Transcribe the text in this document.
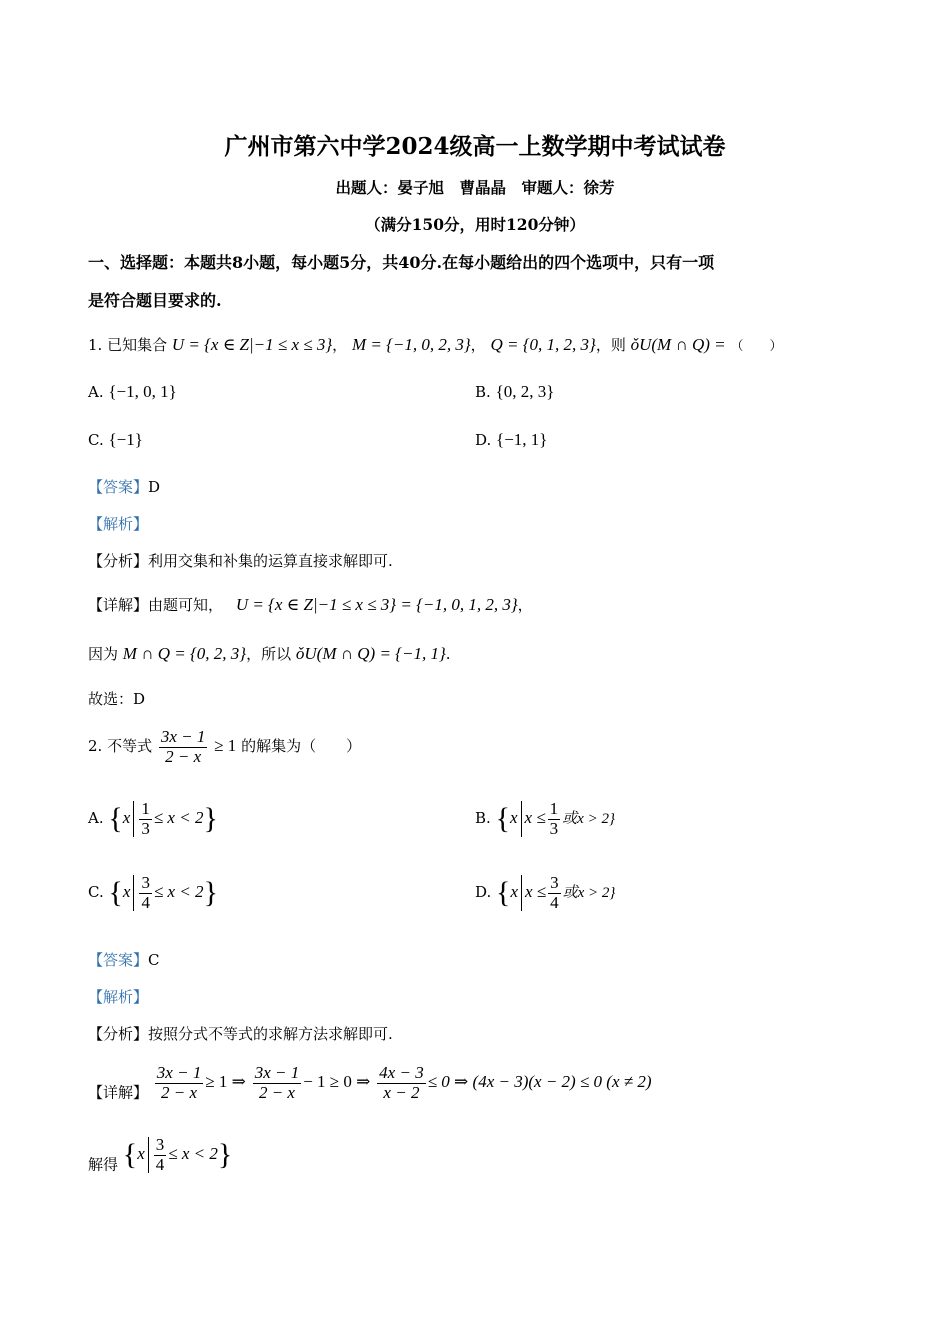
广州市第六中学2024级高一上数学期中考试试卷
出题人：晏子旭　曹晶晶　审题人：徐芳
（满分150分，用时120分钟）
一、选择题：本题共8小题，每小题5分，共40分.在每小题给出的四个选项中，只有一项
是符合题目要求的.
1. 已知集合 U = {x ∈ Z|−1 ≤ x ≤ 3}， M = {−1, 0, 2, 3}， Q = {0, 1, 2, 3}，则 ǒU(M ∩ Q) = （　　）
A. {−1, 0, 1}	B. {0, 2, 3}
C. {−1}	D. {−1, 1}
【答案】D
【解析】
【分析】利用交集和补集的运算直接求解即可.
【详解】由题可知， U = {x ∈ Z|−1 ≤ x ≤ 3} = {−1, 0, 1, 2, 3}，
因为 M ∩ Q = {0, 2, 3}，所以 ǒU(M ∩ Q) = {−1, 1}.
故选：D
2. 不等式 $\frac{3x - 1}{2 - x} \ge 1$ 的解集为（　　）
A. $\{x \frac{1}{3} \le x < 2\}$	B. {x $x \le \frac{1}{3}$ 或x > 2}
C. $\{x \frac{3}{4} \le x < 2\}$	D. {x $x \le \frac{3}{4}$ 或x > 2}
【答案】C
【解析】
【分析】按照分式不等式的求解方法求解即可.
【详解】 $\frac{3x - 1}{2 - x} \ge 1$ ⇒ $\frac{3x - 1}{2 - x} - 1 \ge 0$ ⇒ $\frac{4x - 3}{x - 2} \le 0$ ⇒ (4x − 3)(x − 2) ≤ 0 (x ≠ 2)
解得 $\{x \frac{3}{4} \le x < 2\}$
